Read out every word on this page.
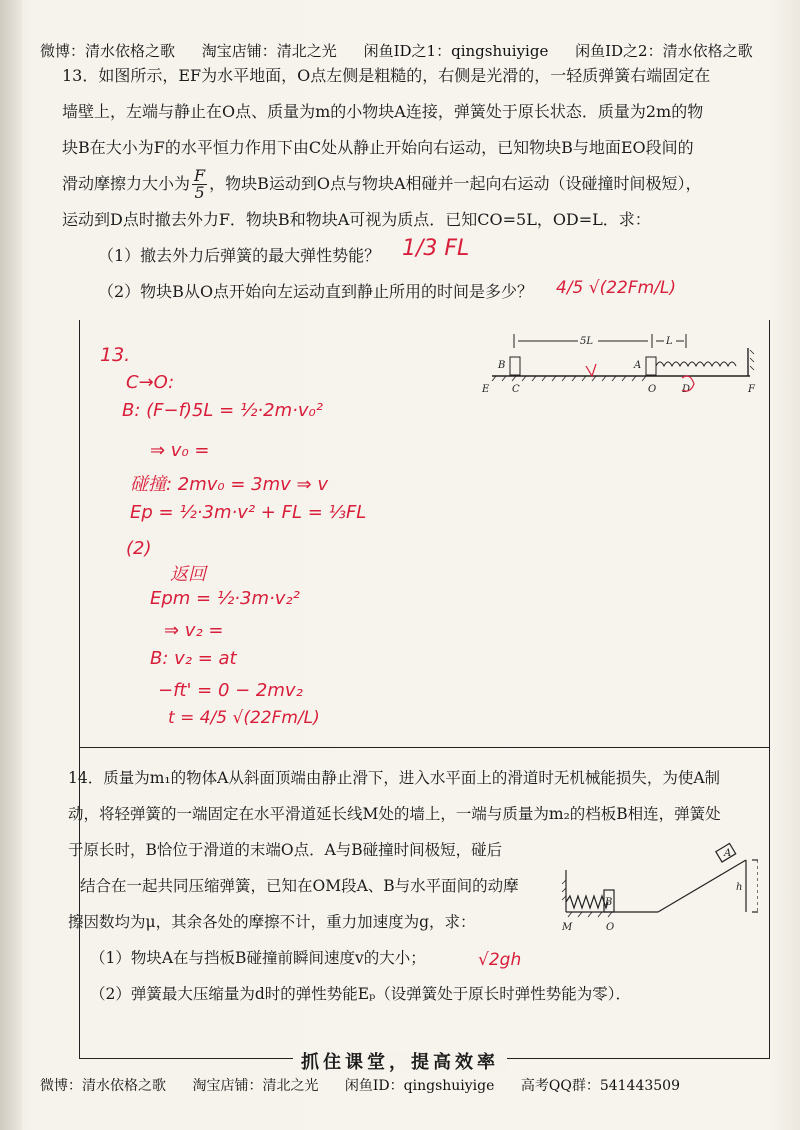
微博：清水依格之歌 淘宝店铺：清北之光 闲鱼ID之1：qingshuiyige 闲鱼ID之2：清水依格之歌

13．如图所示，EF为水平地面，O点左侧是粗糙的，右侧是光滑的，一轻质弹簧右端固定在

墙壁上，左端与静止在O点、质量为m的小物块A连接，弹簧处于原长状态．质量为2m的物

块B在大小为F的水平恒力作用下由C处从静止开始向右运动，已知物块B与地面EO段间的

滑动摩擦力大小为 $\frac{F}{5}$ ，物块B运动到O点与物块A相碰并一起向右运动（设碰撞时间极短），

运动到D点时撤去外力F．物块B和物块A可视为质点．已知CO=5L，OD=L．求：

（1）撤去外力后弹簧的最大弹性势能？

（2）物块B从O点开始向左运动直到静止所用的时间是多少？

5L	L
B	A
E C	O	D	F
1/3 FL
4/5 √(22Fm/L)
13.
C→O:
B: (F−f)5L = ½·2m·v₀²
⇒ v₀ =
碰撞: 2mv₀ = 3mv ⇒ v
Ep = ½·3m·v² + FL = ⅓FL
(2)
返回
Epm = ½·3m·v₂²
⇒ v₂ =
B: v₂ = at
−ft' = 0 − 2mv₂
t = 4/5 √(22Fm/L)
√2gh

14．质量为m₁的物体A从斜面顶端由静止滑下，进入水平面上的滑道时无机械能损失，为使A制

动，将轻弹簧的一端固定在水平滑道延长线M处的墙上，一端与质量为m₂的档板B相连，弹簧处

于原长时，B恰位于滑道的末端O点．A与B碰撞时间极短，碰后

结合在一起共同压缩弹簧，已知在OM段A、B与水平面间的动摩

擦因数均为μ，其余各处的摩擦不计，重力加速度为g，求：

（1）物块A在与挡板B碰撞前瞬间速度v的大小；

（2）弹簧最大压缩量为d时的弹性势能Eₚ（设弹簧处于原长时弹性势能为零）．

A
B
M	O
h
抓住课堂，提高效率
微博：清水依格之歌 淘宝店铺：清北之光 闲鱼ID：qingshuiyige 高考QQ群：541443509
